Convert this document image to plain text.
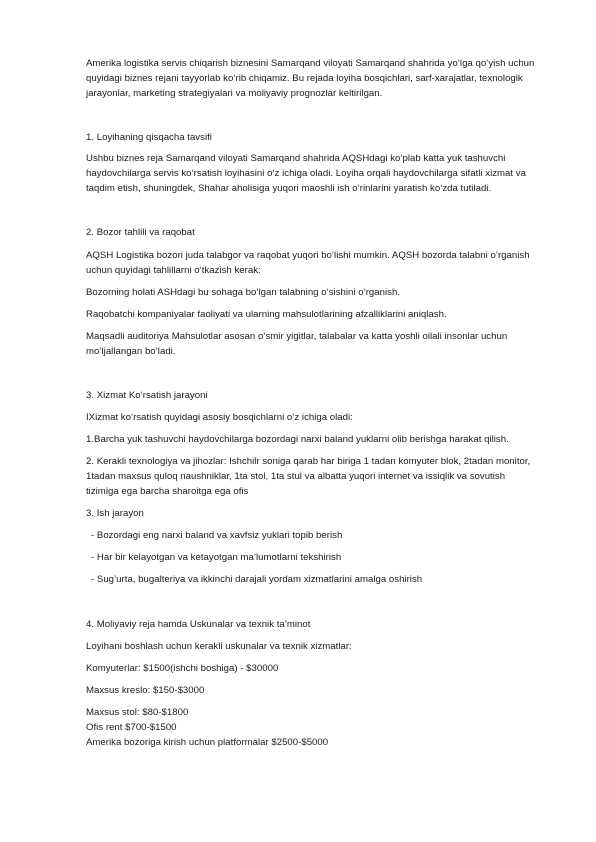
Amerika logistika servis chiqarish biznesini Samarqand viloyati Samarqand shahrida yo‘lga qo‘yish uchun

quyidagi biznes rejani tayyorlab ko‘rib chiqamiz. Bu rejada loyiha bosqichlari, sarf-xarajatlar, texnologik

jarayonlar, marketing strategiyalari va moliyaviy prognozlar keltirilgan.

1. Loyihaning qisqacha tavsifi

Ushbu biznes reja Samarqand viloyati Samarqand shahrida AQSHdagi ko‘plab katta yuk tashuvchi

haydovchilarga servis ko‘rsatish loyihasini o‘z ichiga oladi. Loyiha orqali haydovchilarga sifatli xizmat va

taqdim etish, shuningdek, Shahar aholisiga yuqori maoshli ish o‘rinlarini yaratish ko‘zda tutiladi.

2. Bozor tahlili va raqobat

AQSH Logistika bozori juda talabgor va raqobat yuqori bo‘lishi mumkin. AQSH bozorda talabni o‘rganish

uchun quyidagi tahlillarni o‘tkazish kerak:

Bozorning holati ASHdagi bu sohaga bo‘lgan talabning o‘sishini o‘rganish.

Raqobatchi kompaniyalar faoliyati va ularning mahsulotlarining afzalliklarini aniqlash.

Maqsadli auditoriya Mahsulotlar asosan o‘smir yigitlar, talabalar va katta yoshli oilali insonlar uchun

mo‘ljallangan bo‘ladi.

3. Xizmat Ko‘rsatish jarayoni

IXizmat ko‘rsatish quyidagi asosiy bosqichlarni o‘z ichiga oladi:

1.Barcha yuk tashuvchi haydovchilarga bozordagi narxi baland yuklarni olib berishga harakat qilish.

2. Kerakli texnologiya va jihozlar: Ishchilr soniga qarab har biriga 1 tadan komyuter blok, 2tadan monitor,

1tadan maxsus quloq naushniklar, 1ta stol, 1ta stul va albatta yuqori internet va issiqlik va sovutish

tizimiga ega barcha sharoitga ega ofis

3. Ish jarayon

- Bozordagi eng narxi baland va xavfsiz yuklari topib berish

- Har bir kelayotgan va ketayotgan ma’lumotlarni tekshirish

- Sug’urta, bugalteriya va ikkinchi darajali yordam xizmatlarini amalga oshirish

4. Moliyaviy reja hamda Uskunalar va texnik ta’minot

Loyihani boshlash uchun kerakli uskunalar va texnik xizmatlar:

Komyuterlar: $1500(ishchi boshiga) - $30000

Maxsus kreslo: $150-$3000

Maxsus stol: $80-$1800

Ofis rent $700-$1500

Amerika bozoriga kirish uchun platformalar $2500-$5000
